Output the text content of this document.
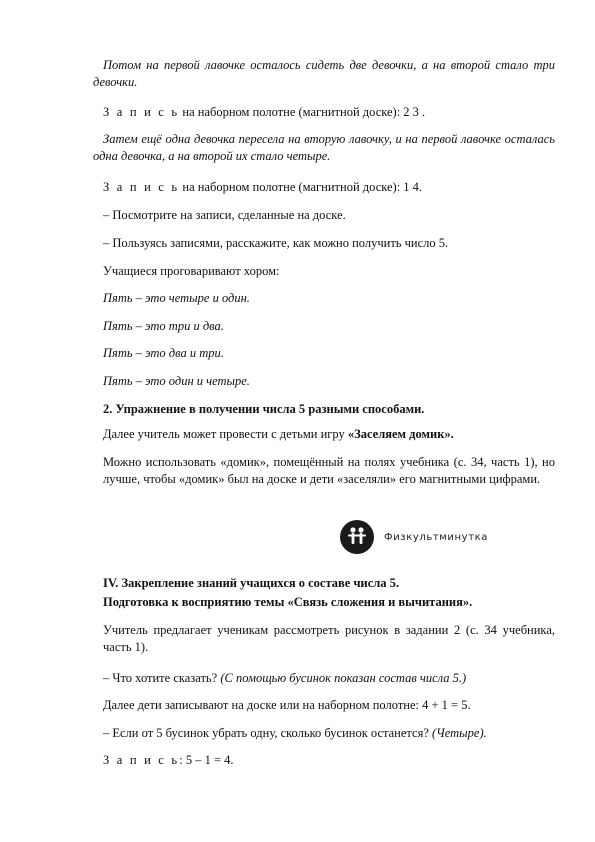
Потом на первой лавочке осталось сидеть две девочки, а на второй стало три девочки.
З а п и с ь на наборном полотне (магнитной доске): 2 3 .
Затем ещё одна девочка пересела на вторую лавочку, и на первой лавочке осталась одна девочка, а на второй их стало четыре.
З а п и с ь на наборном полотне (магнитной доске): 1 4.
– Посмотрите на записи, сделанные на доске.
– Пользуясь записями, расскажите, как можно получить число 5.
Учащиеся проговаривают хором:
Пять – это четыре и один.
Пять – это три и два.
Пять – это два и три.
Пять – это один и четыре.
2. Упражнение в получении числа 5 разными способами.
Далее учитель может провести с детьми игру «Заселяем домик».
Можно использовать «домик», помещённый на полях учебника (с. 34, часть 1), но лучше, чтобы «домик» был на доске и дети «заселяли» его магнитными цифрами.
Физкультминутка
IV. Закрепление знаний учащихся о составе числа 5.
Подготовка к восприятию темы «Связь сложения и вычитания».
Учитель предлагает ученикам рассмотреть рисунок в задании 2 (с. 34 учебника, часть 1).
– Что хотите сказать? (С помощью бусинок показан состав числа 5.)
Далее дети записывают на доске или на наборном полотне: 4 + 1 = 5.
– Если от 5 бусинок убрать одну, сколько бусинок останется? (Четыре).
З а п и с ь: 5 – 1 = 4.
